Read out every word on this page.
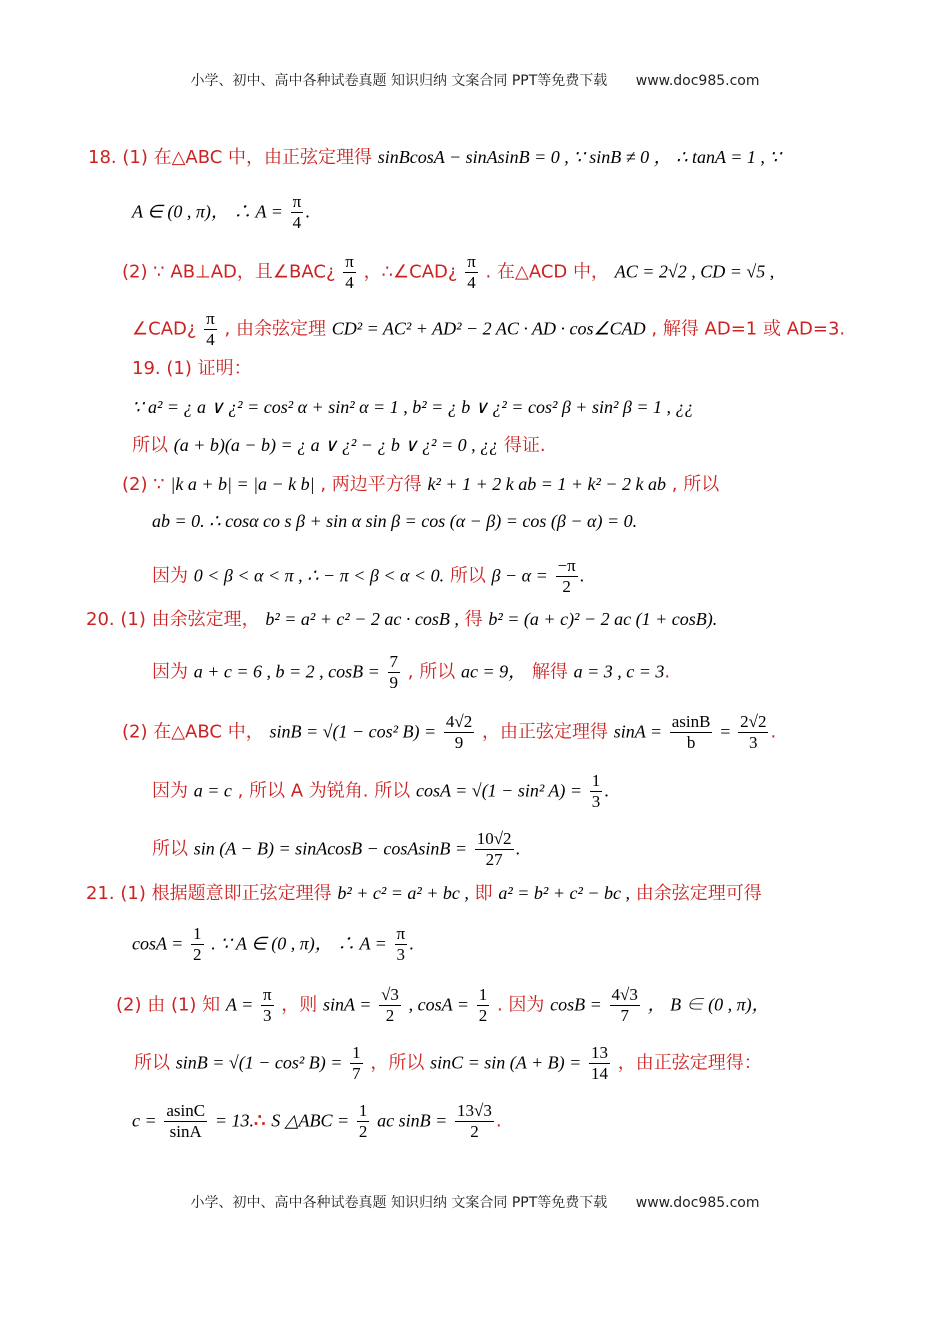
小学、初中、高中各种试卷真题 知识归纳 文案合同 PPT等免费下载 www.doc985.com
18. (1) 在△ABC 中，由正弦定理得 sinBcosA − sinAsinB = 0 , ∵ sinB ≠ 0 ， ∴ tanA = 1 , ∵
A ∈ (0 , π)， ∴ $A = \frac{\pi}{4}$ .
(2) ∵ AB⊥AD，且∠BAC¿ $\frac{\pi}{4}$ ，∴∠CAD¿ $\frac{\pi}{4}$ . 在△ACD 中， AC = 2√2 , CD = √5 ,
∠CAD¿ $\frac{\pi}{4}$ , 由余弦定理 CD² = AC² + AD² − 2 AC · AD · cos∠CAD , 解得 AD=1 或 AD=3.
19. (1) 证明：
∵ a² = ¿ a ∨ ¿² = cos² α + sin² α = 1 , b² = ¿ b ∨ ¿² = cos² β + sin² β = 1 , ¿¿
所以 (a + b)(a − b) = ¿ a ∨ ¿² − ¿ b ∨ ¿² = 0 , ¿¿ 得证.
(2) ∵ |k a + b| = |a − k b| , 两边平方得 k² + 1 + 2 k ab = 1 + k² − 2 k ab , 所以
ab = 0. ∴ cosα co s β + sin α sin β = cos (α − β) = cos (β − α) = 0.
因为 0 < β < α < π , ∴ − π < β < α < 0. 所以 $\beta - \alpha = \frac{-\pi}{2}$ .
20. (1) 由余弦定理， b² = a² + c² − 2 ac · cosB , 得 b² = (a + c)² − 2 ac (1 + cosB).
因为 a + c = 6 , b = 2 , $\cos B = \frac{7}{9}$ , 所以 ac = 9， 解得 a = 3 , c = 3.
(2) 在△ABC 中， sinB = √(1 − cos² $B) = \frac{4√2}{9}$ ，由正弦定理得 $\sin A = \frac{asinB}{b} = \frac{2√2}{3}$ .
因为 a = c , 所以 A 为锐角. 所以 cosA = √(1 − sin² $A) = \frac{1}{3}$ .
所以 sin (A − B) = sinAcosB − cosAsinB = $\frac{10√2}{27}$ .
21. (1) 根据题意即正弦定理得 b² + c² = a² + bc , 即 a² = b² + c² − bc , 由余弦定理可得
$\cos A = \frac{1}{2}$ . ∵ A ∈ (0 , π)， ∴ $A = \frac{\pi}{3}$ .
(2) 由 (1) 知 $A = \frac{\pi}{3}$ ，则 $\sin A = \frac{√3}{2}$ , $\cos A = \frac{1}{2}$ . 因为 $\cos B = \frac{4√3}{7}$ ， B ∈ (0 , π)，
所以 sinB = √(1 − cos² $B) = \frac{1}{7}$ ，所以 $\sin C = \sin (A + B) = \frac{13}{14}$ ，由正弦定理得：
$c = \frac{asinC}{\sin A}$ = 13.∴ S △ABC = $\frac{1}{2}$ ac $\sin B = \frac{13√3}{2}$ .
小学、初中、高中各种试卷真题 知识归纳 文案合同 PPT等免费下载 www.doc985.com
